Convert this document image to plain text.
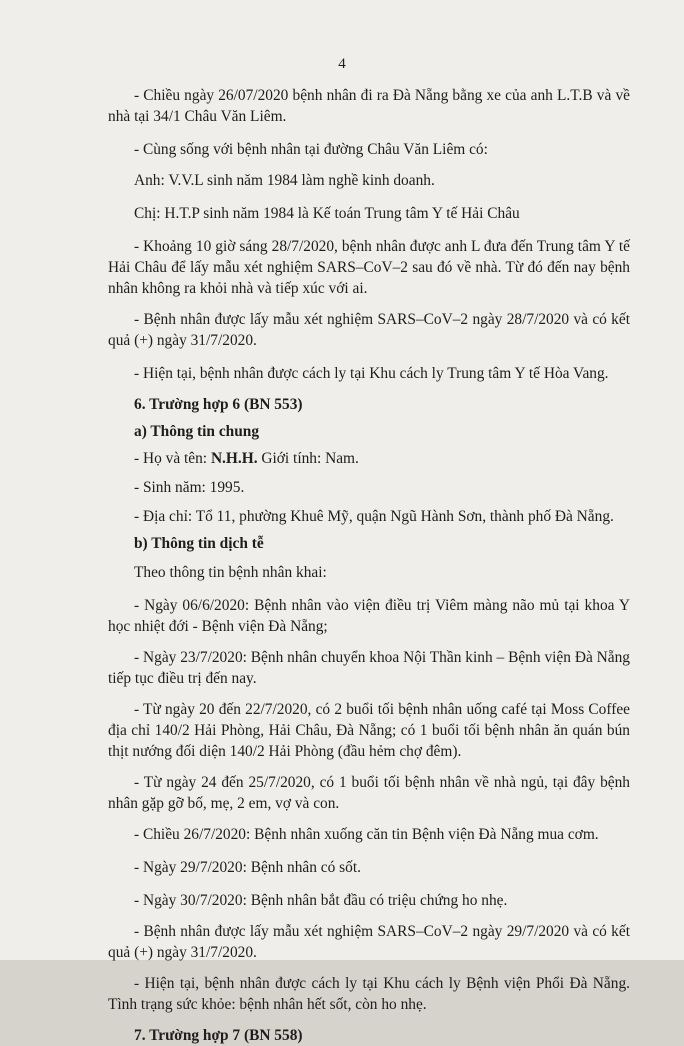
4

- Chiều ngày 26/07/2020 bệnh nhân đi ra Đà Nẵng bằng xe của anh L.T.B và về nhà tại 34/1 Châu Văn Liêm.

- Cùng sống với bệnh nhân tại đường Châu Văn Liêm có:

Anh: V.V.L sinh năm 1984 làm nghề kinh doanh.

Chị: H.T.P sinh năm 1984 là Kế toán Trung tâm Y tế Hải Châu

- Khoảng 10 giờ sáng 28/7/2020, bệnh nhân được anh L đưa đến Trung tâm Y tế Hải Châu để lấy mẫu xét nghiệm SARS–CoV–2 sau đó về nhà. Từ đó đến nay bệnh nhân không ra khỏi nhà và tiếp xúc với ai.

- Bệnh nhân được lấy mẫu xét nghiệm SARS–CoV–2 ngày 28/7/2020 và có kết quả (+) ngày 31/7/2020.

- Hiện tại, bệnh nhân được cách ly tại Khu cách ly Trung tâm Y tế Hòa Vang.

6. Trường hợp 6 (BN 553)

a) Thông tin chung

- Họ và tên: N.H.H. Giới tính: Nam.

- Sinh năm: 1995.

- Địa chỉ: Tổ 11, phường Khuê Mỹ, quận Ngũ Hành Sơn, thành phố Đà Nẵng.

b) Thông tin dịch tễ

Theo thông tin bệnh nhân khai:

- Ngày 06/6/2020: Bệnh nhân vào viện điều trị Viêm màng não mủ tại khoa Y học nhiệt đới - Bệnh viện Đà Nẵng;

- Ngày 23/7/2020: Bệnh nhân chuyển khoa Nội Thần kinh – Bệnh viện Đà Nẵng tiếp tục điều trị đến nay.

- Từ ngày 20 đến 22/7/2020, có 2 buổi tối bệnh nhân uống café tại Moss Coffee địa chỉ 140/2 Hải Phòng, Hải Châu, Đà Nẵng; có 1 buổi tối bệnh nhân ăn quán bún thịt nướng đối diện 140/2 Hải Phòng (đầu hẻm chợ đêm).

- Từ ngày 24 đến 25/7/2020, có 1 buổi tối bệnh nhân về nhà ngủ, tại đây bệnh nhân gặp gỡ bố, mẹ, 2 em, vợ và con.

- Chiều 26/7/2020: Bệnh nhân xuống căn tin Bệnh viện Đà Nẵng mua cơm.

- Ngày 29/7/2020: Bệnh nhân có sốt.

- Ngày 30/7/2020: Bệnh nhân bắt đầu có triệu chứng ho nhẹ.

- Bệnh nhân được lấy mẫu xét nghiệm SARS–CoV–2 ngày 29/7/2020 và có kết quả (+) ngày 31/7/2020.

- Hiện tại, bệnh nhân được cách ly tại Khu cách ly Bệnh viện Phổi Đà Nẵng. Tình trạng sức khỏe: bệnh nhân hết sốt, còn ho nhẹ.

7. Trường hợp 7 (BN 558)
